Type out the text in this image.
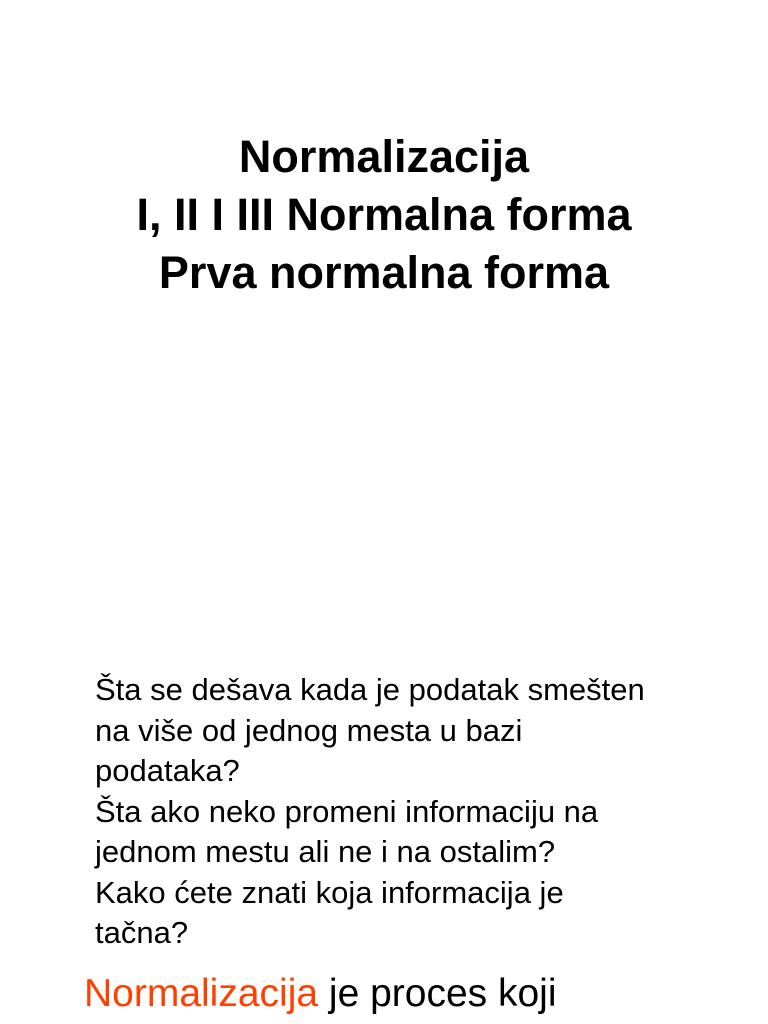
Normalizacija
I, II I III Normalna forma
Prva normalna forma
Šta se dešava kada je podatak smešten
na više od jednog mesta u bazi
podataka?
Šta ako neko promeni informaciju na
jednom mestu ali ne i na ostalim?
Kako ćete znati koja informacija je
tačna?
Normalizacija je proces koji
